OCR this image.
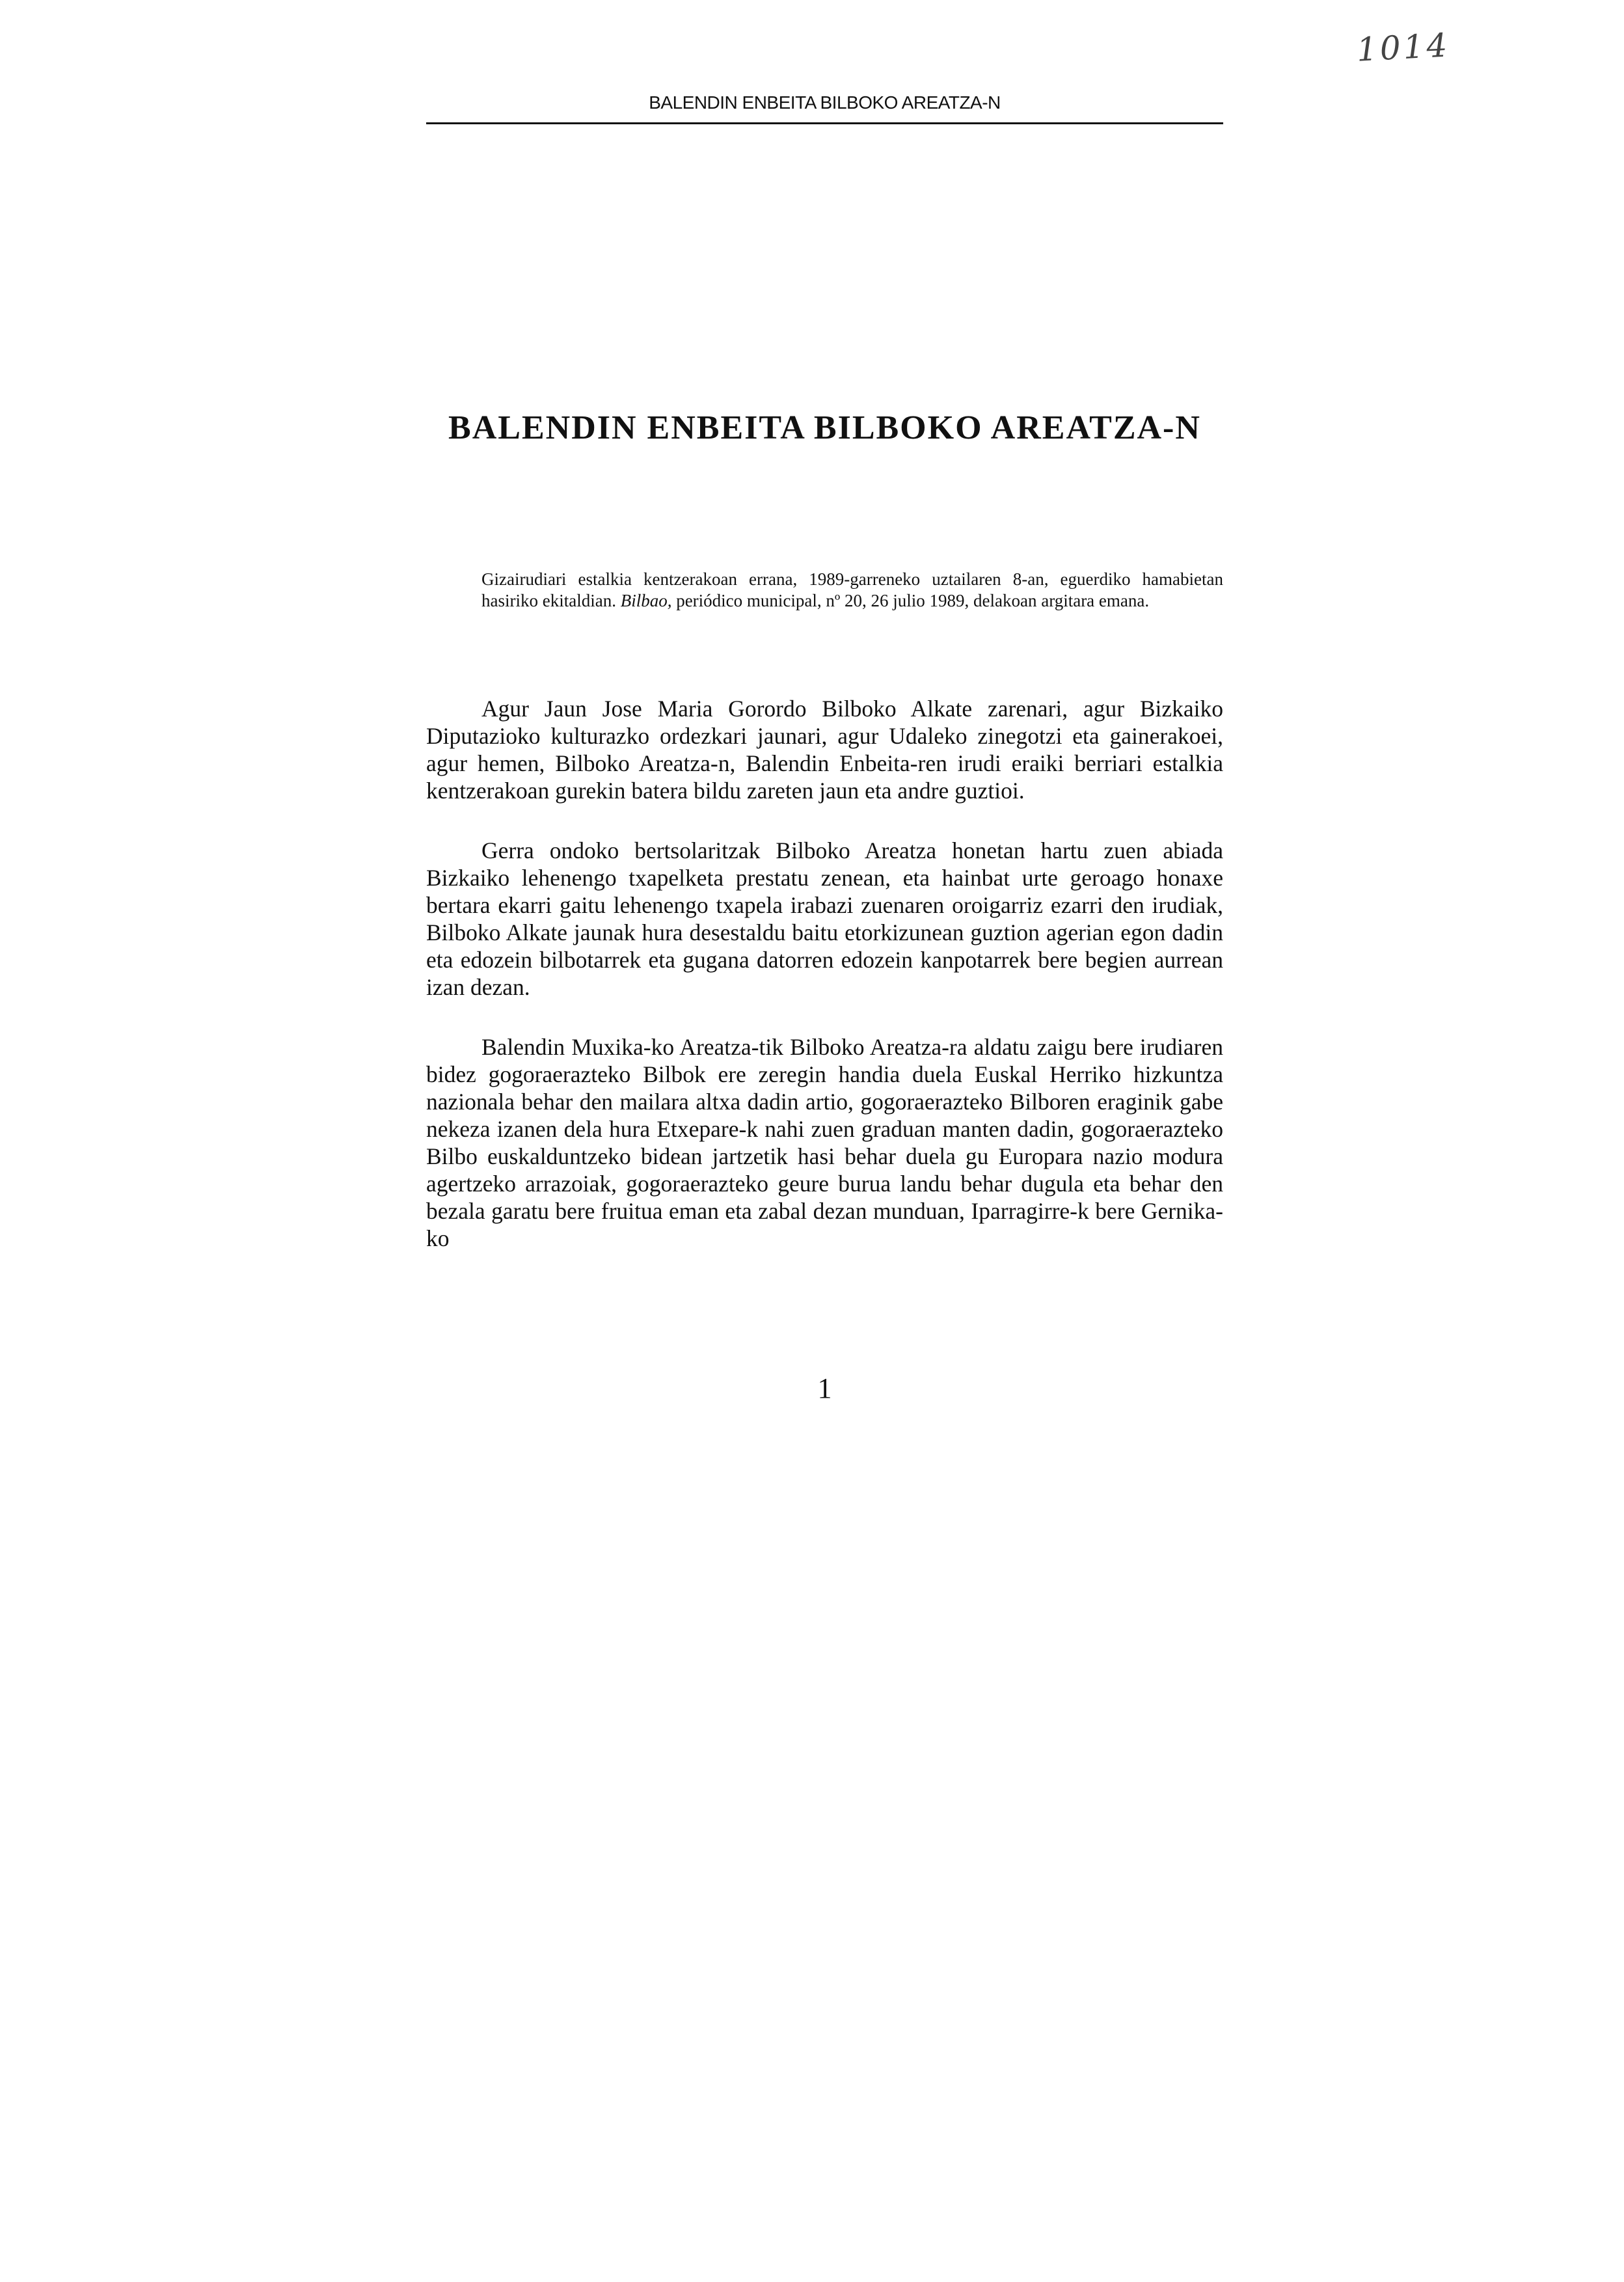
1014
BALENDIN ENBEITA BILBOKO AREATZA-N
BALENDIN ENBEITA BILBOKO AREATZA-N

Gizairudiari estalkia kentzerakoan errana, 1989-garreneko uztailaren 8-an, eguerdiko hamabietan hasiriko ekitaldian. Bilbao, periódico municipal, nº 20, 26 julio 1989, delakoan argitara emana.

Agur Jaun Jose Maria Gorordo Bilboko Alkate zarenari, agur Bizkaiko Diputazioko kulturazko ordezkari jaunari, agur Udaleko zinegotzi eta gainerakoei, agur hemen, Bilboko Areatza-n, Balendin Enbeita-ren irudi eraiki berriari estalkia kentzerakoan gurekin batera bildu zareten jaun eta andre guztioi.

Gerra ondoko bertsolaritzak Bilboko Areatza honetan hartu zuen abiada Bizkaiko lehenengo txapelketa prestatu zenean, eta hainbat urte geroago honaxe bertara ekarri gaitu lehenengo txapela irabazi zuenaren oroigarriz ezarri den irudiak, Bilboko Alkate jaunak hura desestaldu baitu etorkizunean guztion agerian egon dadin eta edozein bilbotarrek eta guganа datorren edozein kanpotarrek bere begien aurrean izan dezan.

Balendin Muxika-ko Areatza-tik Bilboko Areatza-ra aldatu zaigu bere irudiaren bidez gogoraerazteko Bilbok ere zeregin handia duela Euskal Herriko hizkuntza nazionala behar den mailara altxa dadin artio, gogoraerazteko Bilboren eraginik gabe nekeza izanen dela hura Etxepare-k nahi zuen graduan manten dadin, gogoraerazteko Bilbo euskalduntzeko bidean jartzetik hasi behar duela gu Europara nazio modura agertzeko arrazoiak, gogoraerazteko geure burua landu behar dugula eta behar den bezala garatu bere fruitua eman eta zabal dezan munduan, Iparragirre-k bere Gernika-ko

1
